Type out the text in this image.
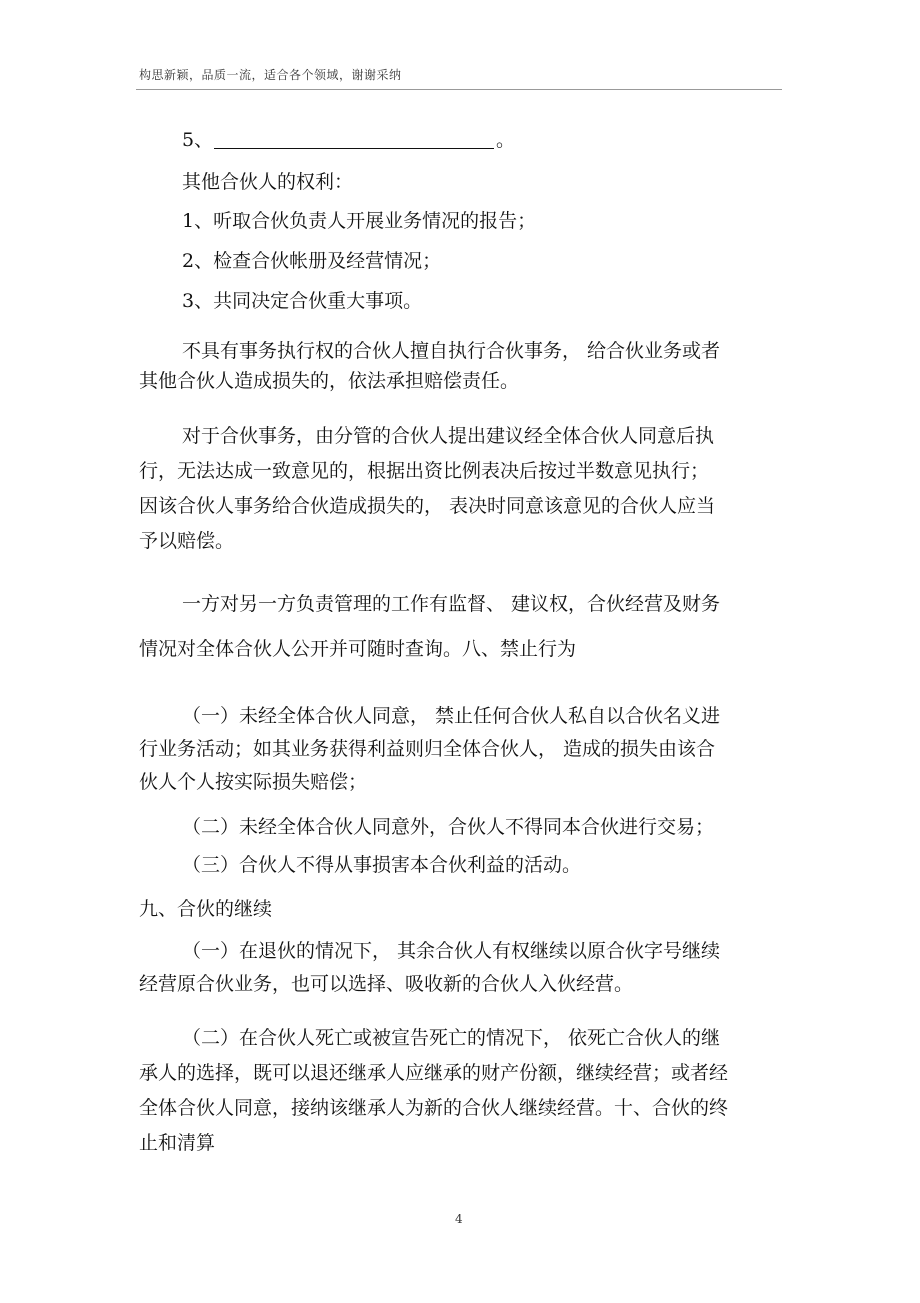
构思新颖，品质一流，适合各个领域，谢谢采纳
5、	。
其他合伙人的权利：
1、听取合伙负责人开展业务情况的报告；
2、检查合伙帐册及经营情况；
3、共同决定合伙重大事项。
不具有事务执行权的合伙人擅自执行合伙事务， 给合伙业务或者
其他合伙人造成损失的，依法承担赔偿责任。
对于合伙事务，由分管的合伙人提出建议经全体合伙人同意后执
行，无法达成一致意见的，根据出资比例表决后按过半数意见执行；
因该合伙人事务给合伙造成损失的， 表决时同意该意见的合伙人应当
予以赔偿。
一方对另一方负责管理的工作有监督、 建议权，合伙经营及财务
情况对全体合伙人公开并可随时查询。八、禁止行为
（一）未经全体合伙人同意， 禁止任何合伙人私自以合伙名义进
行业务活动；如其业务获得利益则归全体合伙人， 造成的损失由该合
伙人个人按实际损失赔偿；
（二）未经全体合伙人同意外，合伙人不得同本合伙进行交易；
（三）合伙人不得从事损害本合伙利益的活动。
九、合伙的继续
（一）在退伙的情况下， 其余合伙人有权继续以原合伙字号继续
经营原合伙业务，也可以选择、吸收新的合伙人入伙经营。
（二）在合伙人死亡或被宣告死亡的情况下， 依死亡合伙人的继
承人的选择，既可以退还继承人应继承的财产份额，继续经营；或者经
全体合伙人同意，接纳该继承人为新的合伙人继续经营。十、合伙的终
止和清算
4
